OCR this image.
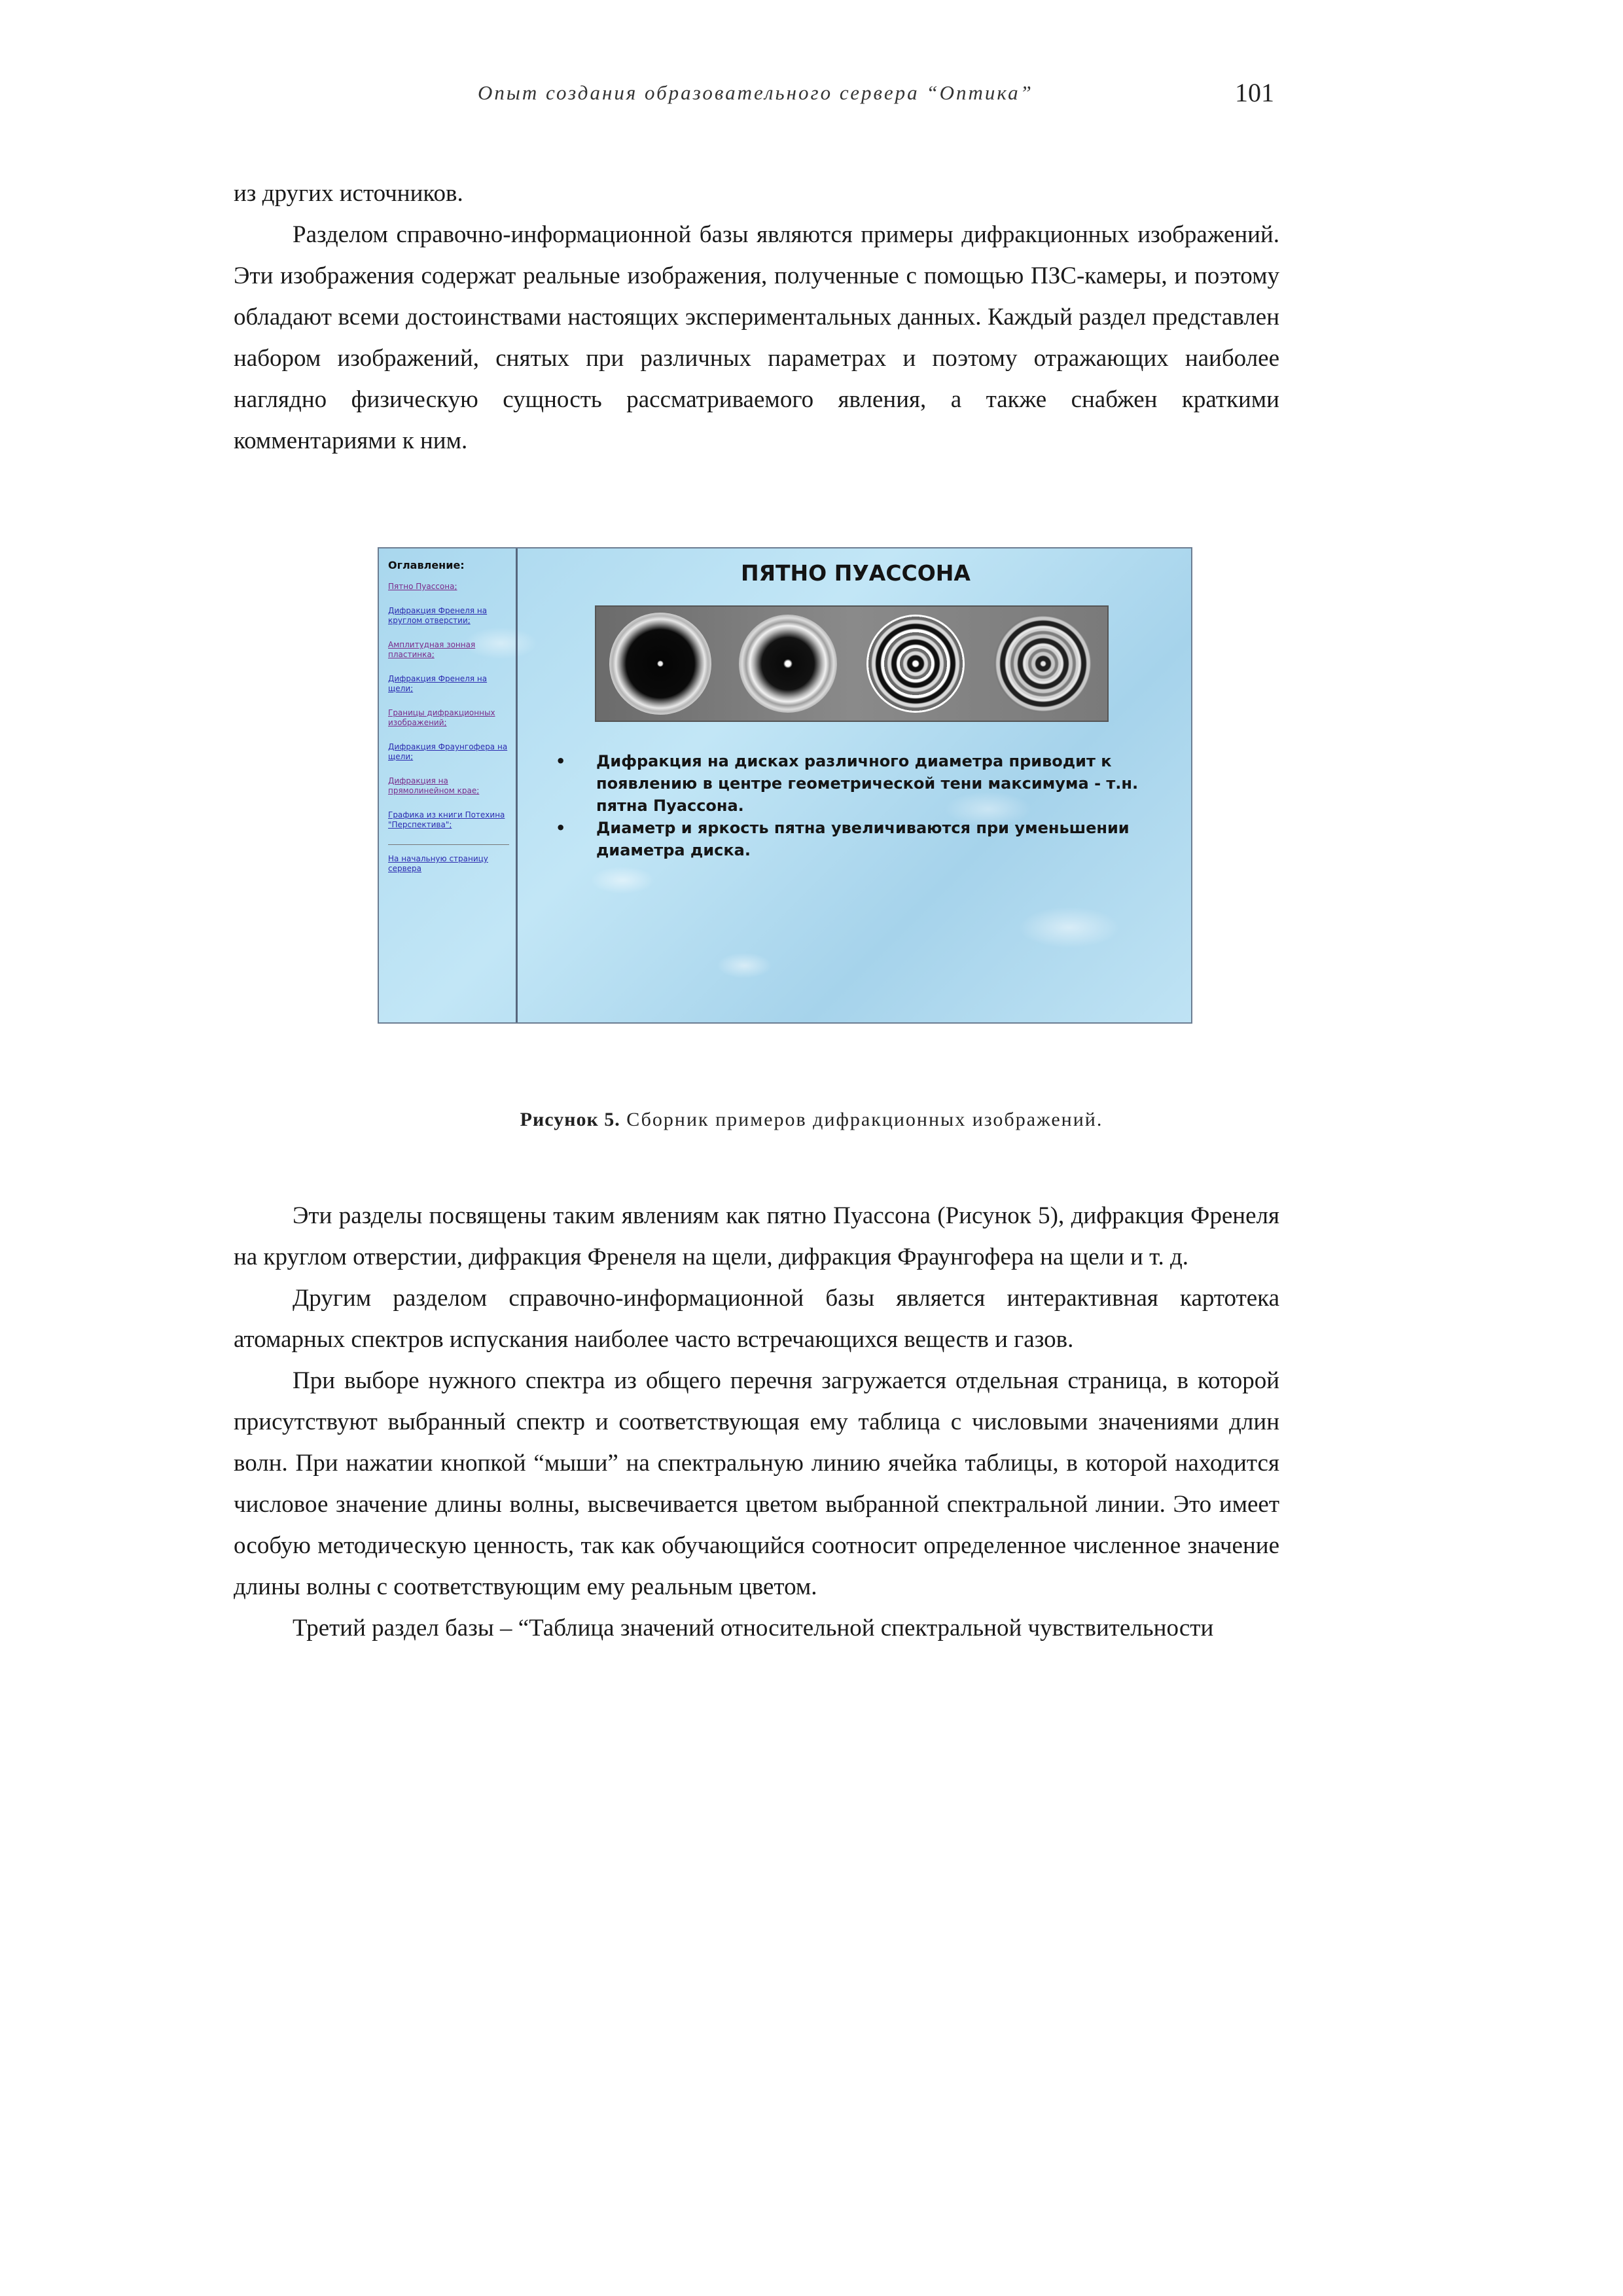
Опыт создания образовательного сервера “Оптика”	101

из других источников.

Разделом справочно-информационной базы являются примеры дифракционных изображений. Эти изображения содержат реальные изображения, полученные с помощью ПЗС-камеры, и поэтому обладают всеми достоинствами настоящих экспериментальных данных. Каждый раздел представлен набором изображений, снятых при различных параметрах и поэтому отражающих наиболее наглядно физическую сущность рассматриваемого явления, а также снабжен краткими комментариями к ним.

Оглавление:
Пятно Пуассона;
Дифракция Френеля на круглом отверстии;
Амплитудная зонная пластинка;
Дифракция Френеля на щели;
Границы дифракционных изображений;
Дифракция Фраунгофера на щели;
Дифракция на прямолинейном крае;
Графика из книги Потехина "Перспектива";
На начальную страницу сервера
ПЯТНО ПУАССОНА
• Дифракция на дисках различного диаметра приводит к появлению в центре геометрической тени максимума - т.н. пятна Пуассона.
• Диаметр и яркость пятна увеличиваются при уменьшении диаметра диска.
Рисунок 5. Сборник примеров дифракционных изображений.

Эти разделы посвящены таким явлениям как пятно Пуассона (Рисунок 5), дифракция Френеля на круглом отверстии, дифракция Френеля на щели, дифракция Фраунгофера на щели и т. д.

Другим разделом справочно-информационной базы является интерактивная картотека атомарных спектров испускания наиболее часто встречающихся веществ и газов.

При выборе нужного спектра из общего перечня загружается отдельная страница, в которой присутствуют выбранный спектр и соответствующая ему таблица с числовыми значениями длин волн. При нажатии кнопкой “мыши” на спектральную линию ячейка таблицы, в которой находится числовое значение длины волны, высвечивается цветом выбранной спектральной линии. Это имеет особую методическую ценность, так как обучающийся соотносит определенное численное значение длины волны с соответствующим ему реальным цветом.

Третий раздел базы – “Таблица значений относительной спектральной чувствительности
